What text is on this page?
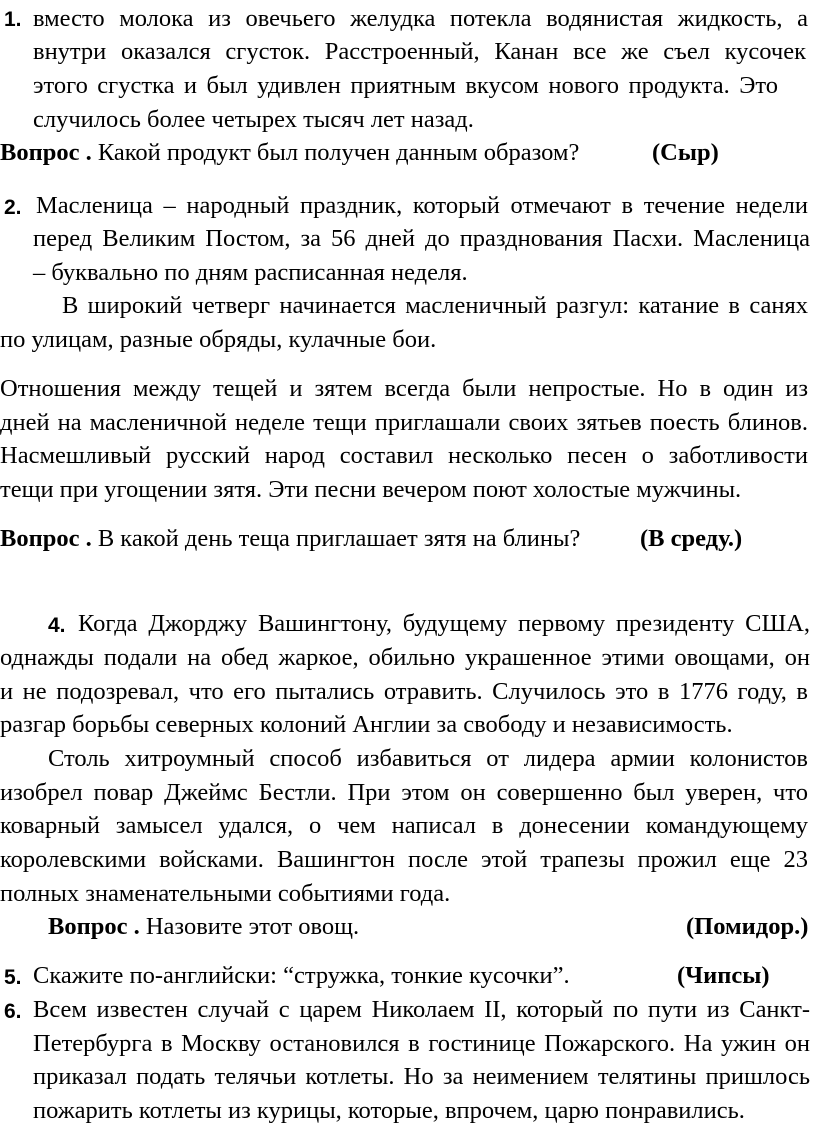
1. вместо молока из овечьего желудка потекла водянистая жидкость, а
внутри оказался сгусток. Расстроенный, Канан все же съел кусочек
этого сгустка и был удивлен приятным вкусом нового продукта. Это
случилось более четырех тысяч лет назад.
Вопрос . Какой продукт был получен данным образом?	(Сыр)
2. Масленица – народный праздник, который отмечают в течение недели
перед Великим Постом, за 56 дней до празднования Пасхи. Масленица
– буквально по дням расписанная неделя.
В широкий четверг начинается масленичный разгул: катание в санях
по улицам, разные обряды, кулачные бои.
Отношения между тещей и зятем всегда были непростые. Но в один из
дней на масленичной неделе тещи приглашали своих зятьев поесть блинов.
Насмешливый русский народ составил несколько песен о заботливости
тещи при угощении зятя. Эти песни вечером поют холостые мужчины.
Вопрос . В какой день теща приглашает зятя на блины? (В среду.)
4. Когда Джорджу Вашингтону, будущему первому президенту США,
однажды подали на обед жаркое, обильно украшенное этими овощами, он
и не подозревал, что его пытались отравить. Случилось это в 1776 году, в
разгар борьбы северных колоний Англии за свободу и независимость.
Столь хитроумный способ избавиться от лидера армии колонистов
изобрел повар Джеймс Бестли. При этом он совершенно был уверен, что
коварный замысел удался, о чем написал в донесении командующему
королевскими войсками. Вашингтон после этой трапезы прожил еще 23
полных знаменательными событиями года.
Вопрос . Назовите этот овощ.	(Помидор.)
5. Скажите по-английски: “стружка, тонкие кусочки”.	(Чипсы)
6. Всем известен случай с царем Николаем II, который по пути из Санкт-
Петербурга в Москву остановился в гостинице Пожарского. На ужин он
приказал подать телячьи котлеты. Но за неимением телятины пришлось
пожарить котлеты из курицы, которые, впрочем, царю понравились.
